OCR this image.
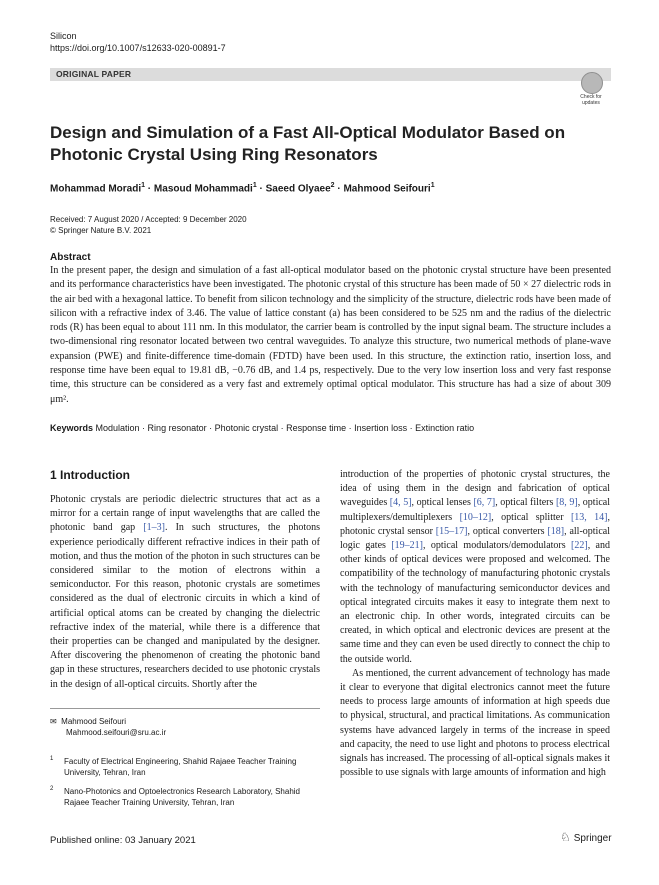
Silicon
https://doi.org/10.1007/s12633-020-00891-7
ORIGINAL PAPER
Check for
updates
Design and Simulation of a Fast All-Optical Modulator Based on Photonic Crystal Using Ring Resonators
Mohammad Moradi$^1$ · Masoud Mohammadi$^1$ · Saeed Olyaee$^2$ · Mahmood Seifouri$^1$
Received: 7 August 2020 / Accepted: 9 December 2020
© Springer Nature B.V. 2021
Abstract
In the present paper, the design and simulation of a fast all-optical modulator based on the photonic crystal structure have been presented and its performance characteristics have been investigated. The photonic crystal of this structure has been made of 50 × 27 dielectric rods in the air bed with a hexagonal lattice. To benefit from silicon technology and the simplicity of the structure, dielectric rods have been made of silicon with a refractive index of 3.46. The value of lattice constant (a) has been considered to be 525 nm and the radius of the dielectric rods (R) has been equal to about 111 nm. In this modulator, the carrier beam is controlled by the input signal beam. The structure includes a two-dimensional ring resonator located between two central waveguides. To analyze this structure, two numerical methods of plane-wave expansion (PWE) and finite-difference time-domain (FDTD) have been used. In this structure, the extinction ratio, insertion loss, and response time have been equal to 19.81 dB, −0.76 dB, and 1.4 ps, respectively. Due to the very low insertion loss and very fast response time, this structure can be considered as a very fast and extremely optimal optical modulator. This structure has had a size of about 309 μm².
Keywords Modulation · Ring resonator · Photonic crystal · Response time · Insertion loss · Extinction ratio
1 Introduction

Photonic crystals are periodic dielectric structures that act as a mirror for a certain range of input wavelengths that are called the photonic band gap [1–3]. In such structures, the photons experience periodically different refractive indices in their path of motion, and thus the motion of the photon in such structures can be considered similar to the motion of electrons within a semiconductor. For this reason, photonic crystals are sometimes considered as the dual of electronic circuits in which a kind of artificial optical atoms can be created by changing the dielectric refractive index of the material, while there is a difference that their properties can be changed and manipulated by the designer. After discovering the phenomenon of creating the photonic band gap in these structures, researchers decided to use photonic crystals in the design of all-optical circuits. Shortly after the

introduction of the properties of photonic crystal structures, the idea of using them in the design and fabrication of optical waveguides [4, 5], optical lenses [6, 7], optical filters [8, 9], optical multiplexers/demultiplexers [10–12], optical splitter [13, 14], photonic crystal sensor [15–17], optical converters [18], all-optical logic gates [19–21], optical modulators/demodulators [22], and other kinds of optical devices were proposed and welcomed. The compatibility of the technology of manufacturing photonic crystals with the technology of manufacturing semiconductor devices and optical integrated circuits makes it easy to integrate them next to an electronic chip. In other words, integrated circuits can be created, in which optical and electronic devices are present at the same time and they can even be used directly to connect the chip to the outside world.

As mentioned, the current advancement of technology has made it clear to everyone that digital electronics cannot meet the future needs to process large amounts of information at high speeds due to physical, structural, and practical limitations. As communication systems have advanced largely in terms of the increase in speed and capacity, the need to use light and photons to process electrical signals has increased. The processing of all-optical signals makes it possible to use signals with large amounts of information and high

✉ Mahmood Seifouri
Mahmood.seifouri@sru.ac.ir
1 Faculty of Electrical Engineering, Shahid Rajaee Teacher Training University, Tehran, Iran
2 Nano-Photonics and Optoelectronics Research Laboratory, Shahid Rajaee Teacher Training University, Tehran, Iran
Published online: 03 January 2021	♘ Springer
